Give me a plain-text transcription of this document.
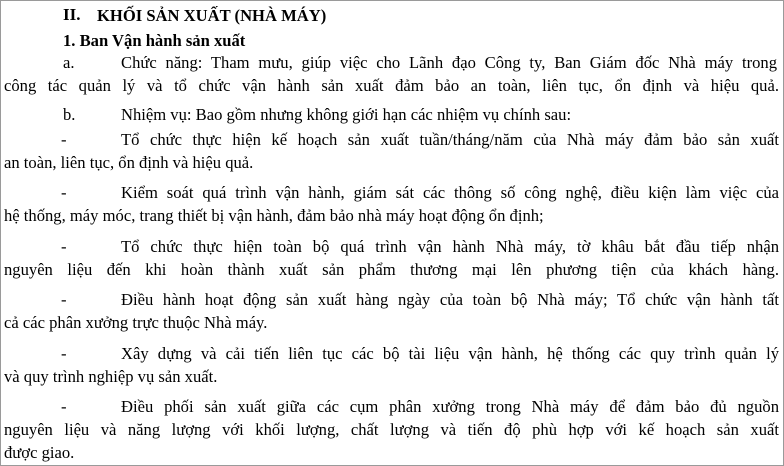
II. KHỐI SẢN XUẤT (NHÀ MÁY)
1. Ban Vận hành sản xuất
a.	Chức năng: Tham mưu, giúp việc cho Lãnh đạo Công ty, Ban Giám đốc Nhà máy trong
công tác quản lý và tổ chức vận hành sản xuất đảm bảo an toàn, liên tục, ổn định và hiệu quả.
b.	Nhiệm vụ: Bao gồm nhưng không giới hạn các nhiệm vụ chính sau:
-	Tổ chức thực hiện kế hoạch sản xuất tuần/tháng/năm của Nhà máy đảm bảo sản xuất
an toàn, liên tục, ổn định và hiệu quả.
-	Kiểm soát quá trình vận hành, giám sát các thông số công nghệ, điều kiện làm việc của
hệ thống, máy móc, trang thiết bị vận hành, đảm bảo nhà máy hoạt động ổn định;
-	Tổ chức thực hiện toàn bộ quá trình vận hành Nhà máy, tờ khâu bắt đầu tiếp nhận
nguyên liệu đến khi hoàn thành xuất sản phẩm thương mại lên phương tiện của khách hàng.
-	Điều hành hoạt động sản xuất hàng ngày của toàn bộ Nhà máy; Tổ chức vận hành tất
cả các phân xưởng trực thuộc Nhà máy.
-	Xây dựng và cải tiến liên tục các bộ tài liệu vận hành, hệ thống các quy trình quản lý
và quy trình nghiệp vụ sản xuất.
-	Điều phối sản xuất giữa các cụm phân xưởng trong Nhà máy để đảm bảo đủ nguồn
nguyên liệu và năng lượng với khối lượng, chất lượng và tiến độ phù hợp với kế hoạch sản xuất
được giao.
